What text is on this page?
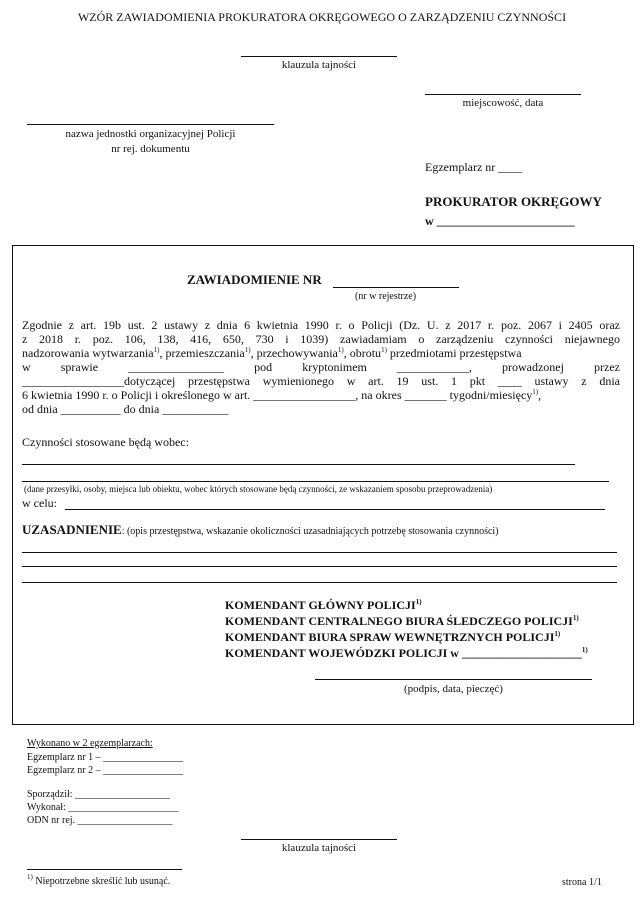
WZÓR ZAWIADOMIENIA PROKURATORA OKRĘGOWEGO O ZARZĄDZENIU CZYNNOŚCI
klauzula tajności
miejscowość, data
nazwa jednostki organizacyjnej Policji
nr rej. dokumentu
Egzemplarz nr ____
PROKURATOR OKRĘGOWY
w _______________________
ZAWIADOMIENIE NR
(nr w rejestrze)
Zgodnie z art. 19b ust. 2 ustawy z dnia 6 kwietnia 1990 r. o Policji (Dz. U. z 2017 r. poz. 2067 i 2405 oraz
z 2018 r. poz. 106, 138, 416, 650, 730 i 1039) zawiadamiam o zarządzeniu czynności niejawnego
nadzorowania wytwarzania$^{1)}$, przemieszczania$^{1)}$, przechowywania$^{1)}$, obrotu$^{1)}$ przedmiotami przestępstwa
w sprawie ________________ pod kryptonimem ____________, prowadzonej przez
_________________dotyczącej przestępstwa wymienionego w art. 19 ust. 1 pkt ____ ustawy z dnia
6 kwietnia 1990 r. o Policji i określonego w art. _________________, na okres _______ tygodni/miesięcy$^{1)}$,
od dnia __________ do dnia ___________
Czynności stosowane będą wobec:
(dane przesyłki, osoby, miejsca lub obiektu, wobec których stosowane będą czynności, ze wskazaniem sposobu przeprowadzenia)
w celu:
UZASADNIENIE: (opis przestępstwa, wskazanie okoliczności uzasadniających potrzebę stosowania czynności)
KOMENDANT GŁÓWNY POLICJI$^{1)}$
KOMENDANT CENTRALNEGO BIURA ŚLEDCZEGO POLICJI$^{1)}$
KOMENDANT BIURA SPRAW WEWNĘTRZNYCH POLICJI$^{1)}$
KOMENDANT WOJEWÓDZKI POLICJI w ____________________$^{1)}$
(podpis, data, pieczęć)
Wykonano w 2 egzemplarzach:
Egzemplarz nr 1 – ________________
Egzemplarz nr 2 – ________________
Sporządził: ___________________
Wykonał: ______________________
ODN nr rej. ___________________
klauzula tajności
$^{1)}$ Niepotrzebne skreślić lub usunąć.	strona 1/1
